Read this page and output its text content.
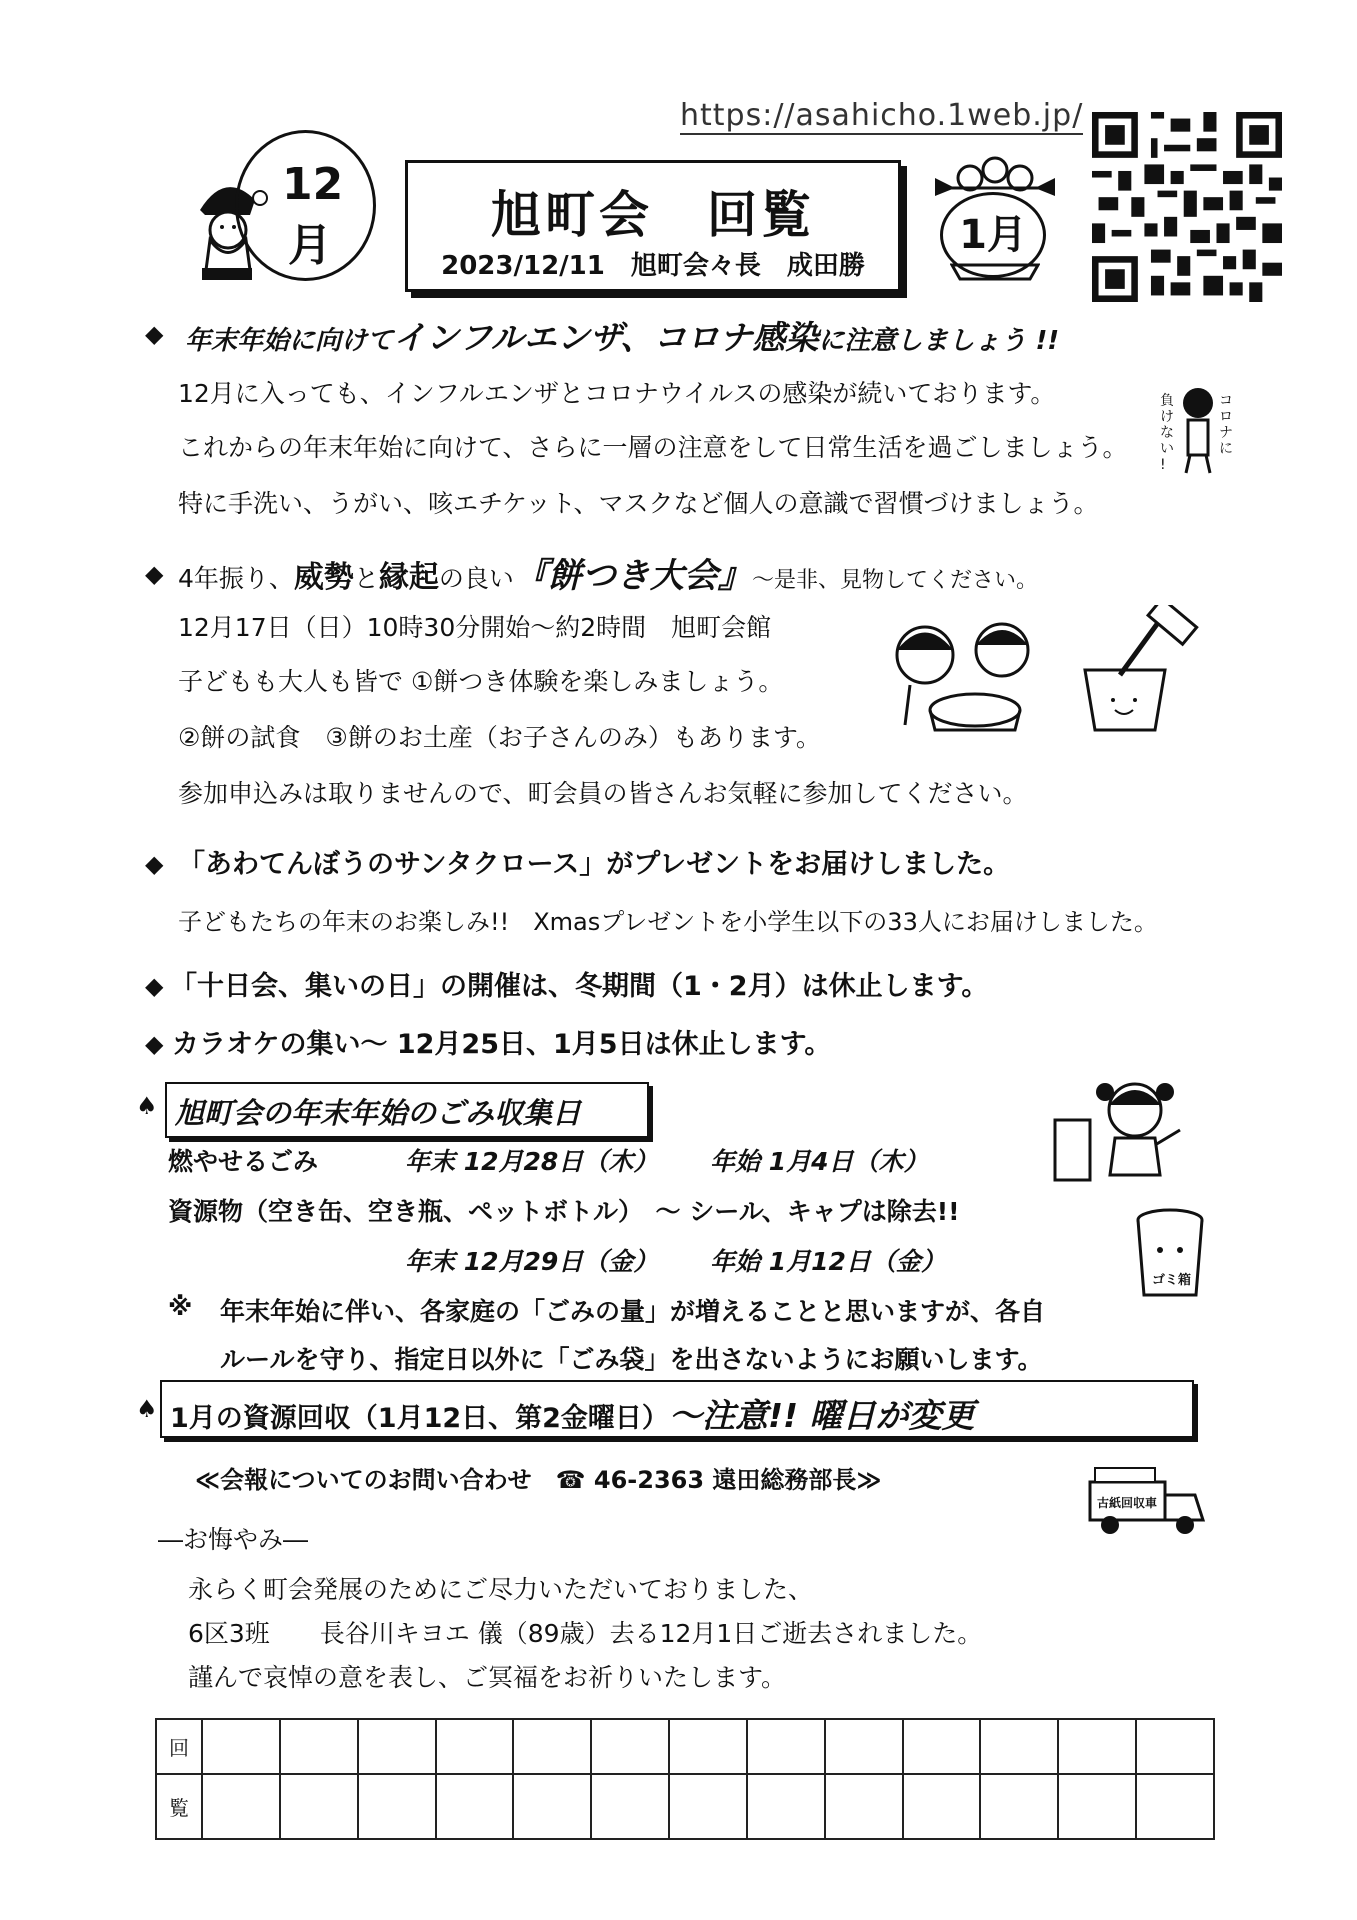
https://asahicho.1web.jp/
12
月
旭町会　回覧
2023/12/11　旭町会々長　成田勝
1月
◆ 年末年始に向けてインフルエンザ、コロナ感染に注意しましょう !!
12月に入っても、インフルエンザとコロナウイルスの感染が続いております。
これからの年末年始に向けて、さらに一層の注意をして日常生活を過ごしましょう。
特に手洗い、うがい、咳エチケット、マスクなど個人の意識で習慣づけましょう。
コロナに
負けない!
◆ 4年振り、威勢と縁起の良い『餅つき大会』～是非、見物してください。
12月17日（日）10時30分開始～約2時間　旭町会館
子どもも大人も皆で ①餅つき体験を楽しみましょう。
②餅の試食　③餅のお土産（お子さんのみ）もあります。
参加申込みは取りませんので、町会員の皆さんお気軽に参加してください。
◆ 「あわてんぼうのサンタクロース」がプレゼントをお届けしました。
子どもたちの年末のお楽しみ!!　Xmasプレゼントを小学生以下の33人にお届けしました。
◆ 「十日会、集いの日」の開催は、冬期間（1・2月）は休止します。
◆ カラオケの集い～ 12月25日、1月5日は休止します。
♠ 旭町会の年末年始のごみ収集日
燃やせるごみ	年末 12月28日（木） 年始 1月4日（木）
資源物（空き缶、空き瓶、ペットボトル）　～ シール、キャプは除去!!
年末 12月29日（金） 年始 1月12日（金）
※ 年末年始に伴い、各家庭の「ごみの量」が増えることと思いますが、各自
ルールを守り、指定日以外に「ごみ袋」を出さないようにお願いします。
ゴミ箱
♠ 1月の資源回収（1月12日、第2金曜日）～注意!! 曜日が変更
≪会報についてのお問い合わせ　☎ 46-2363 遠田総務部長≫
古紙回収車
―お悔やみ―
永らく町会発展のためにご尽力いただいておりました、
6区3班　　長谷川キヨエ 儀（89歳）去る12月1日ご逝去されました。
謹んで哀悼の意を表し、ご冥福をお祈りいたします。
回													
覧													
